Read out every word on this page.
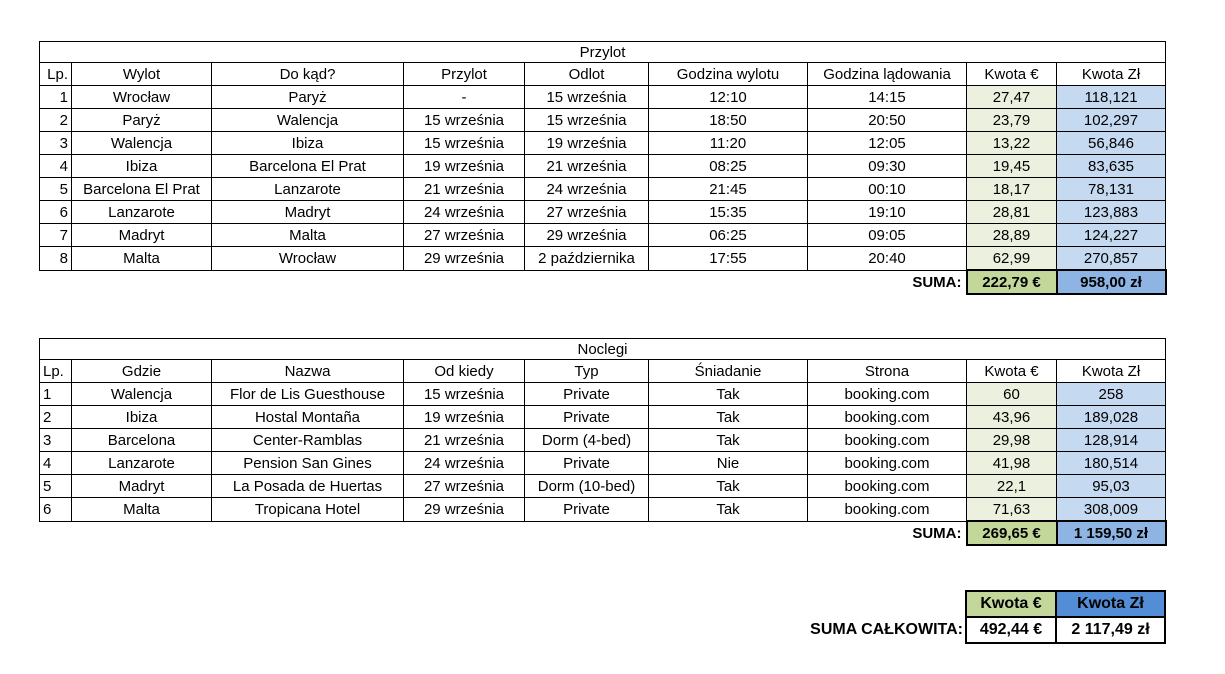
Przylot								
Lp.	Wylot	Do kąd?	Przylot	Odlot	Godzina wylotu	Godzina lądowania	Kwota €	Kwota Zł
1	Wrocław	Paryż	-	15 września	12:10	14:15	27,47	118,121
2	Paryż	Walencja	15 września	15 września	18:50	20:50	23,79	102,297
3	Walencja	Ibiza	15 września	19 września	11:20	12:05	13,22	56,846
4	Ibiza	Barcelona El Prat	19 września	21 września	08:25	09:30	19,45	83,635
5	Barcelona El Prat	Lanzarote	21 września	24 września	21:45	00:10	18,17	78,131
6	Lanzarote	Madryt	24 września	27 września	15:35	19:10	28,81	123,883
7	Madryt	Malta	27 września	29 września	06:25	09:05	28,89	124,227
8	Malta	Wrocław	29 września	2 października	17:55	20:40	62,99	270,857
SUMA:							222,79 €	958,00 zł
Noclegi								
Lp.	Gdzie	Nazwa	Od kiedy	Typ	Śniadanie	Strona	Kwota €	Kwota Zł
1	Walencja	Flor de Lis Guesthouse	15 września	Private	Tak	booking.com	60	258
2	Ibiza	Hostal Montaña	19 września	Private	Tak	booking.com	43,96	189,028
3	Barcelona	Center-Ramblas	21 września	Dorm (4-bed)	Tak	booking.com	29,98	128,914
4	Lanzarote	Pension San Gines	24 września	Private	Nie	booking.com	41,98	180,514
5	Madryt	La Posada de Huertas	27 września	Dorm (10-bed)	Tak	booking.com	22,1	95,03
6	Malta	Tropicana Hotel	29 września	Private	Tak	booking.com	71,63	308,009
SUMA:							269,65 €	1 159,50 zł
	Kwota €	Kwota Zł
SUMA CAŁKOWITA:	492,44 €	2 117,49 zł
